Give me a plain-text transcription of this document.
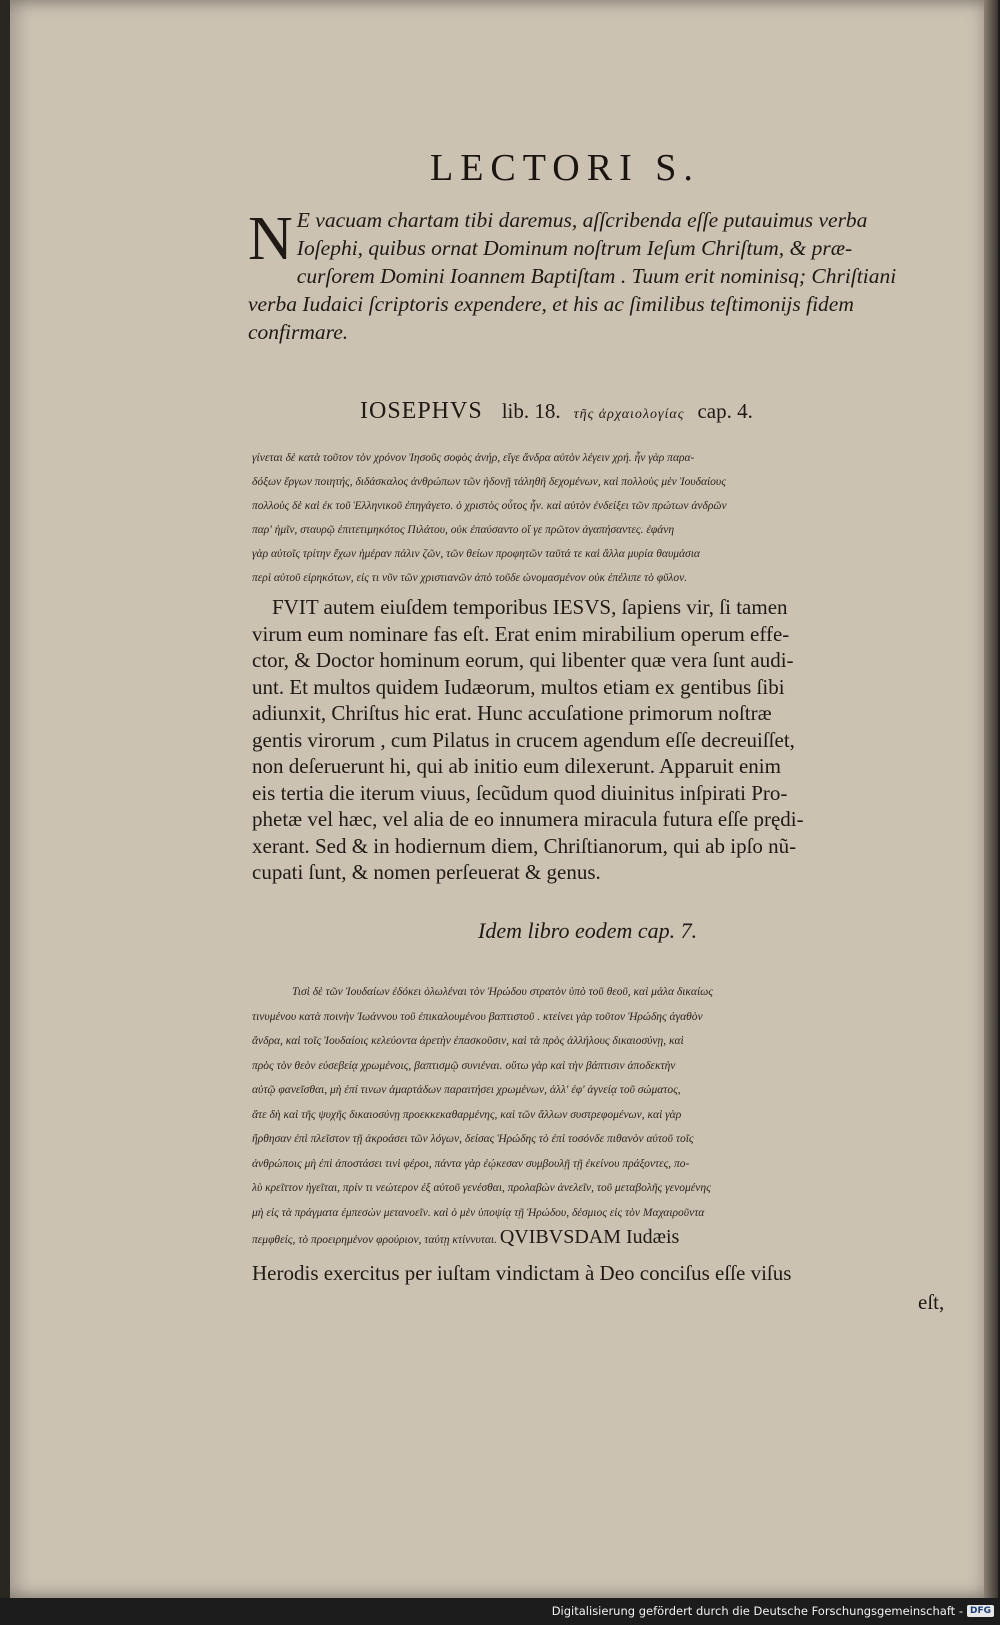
LECTORI S.
N E vacuam chartam tibi daremus, aſſcribenda eſſe putauimus verba
Ioſephi, quibus ornat Dominum noſtrum Ieſum Chriſtum, & præ-
curſorem Domini Ioannem Baptiſtam . Tuum erit nominisq; Chriſtiani
verba Iudaici ſcriptoris expendere, et his ac ſimilibus teſtimonijs fidem
confirmare.
IOSEPHVS lib. 18. τῆς ἀρχαιολογίας cap. 4.
γίνεται δὲ κατὰ τοῦτον τὸν χρόνον Ἰησοῦς σοφὸς ἀνήρ, εἴγε ἄνδρα αὐτὸν λέγειν χρή. ἦν γὰρ παρα-
δόξων ἔργων ποιητής, διδάσκαλος ἀνθρώπων τῶν ἡδονῇ τἀληθῆ δεχομένων, καὶ πολλοὺς μὲν Ἰουδαίους
πολλοὺς δὲ καὶ ἐκ τοῦ Ἑλληνικοῦ ἐπηγάγετο. ὁ χριστὸς οὗτος ἦν. καὶ αὐτὸν ἐνδείξει τῶν πρώτων ἀνδρῶν
παρ' ἡμῖν, σταυρῷ ἐπιτετιμηκότος Πιλάτου, οὐκ ἐπαύσαντο οἵ γε πρῶτον ἀγαπήσαντες. ἐφάνη
γὰρ αὐτοῖς τρίτην ἔχων ἡμέραν πάλιν ζῶν, τῶν θείων προφητῶν ταῦτά τε καὶ ἄλλα μυρία θαυμάσια
περὶ αὐτοῦ εἰρηκότων, εἰς τι νῦν τῶν χριστιανῶν ἀπὸ τοῦδε ὠνομασμένον οὐκ ἐπέλιπε τὸ φῦλον.
FVIT autem eiuſdem temporibus IESVS, ſapiens vir, ſi tamen
virum eum nominare fas eſt. Erat enim mirabilium operum effe-
ctor, & Doctor hominum eorum, qui libenter quæ vera ſunt audi-
unt. Et multos quidem Iudæorum, multos etiam ex gentibus ſibi
adiunxit, Chriſtus hic erat. Hunc accuſatione primorum noſtræ
gentis virorum , cum Pilatus in crucem agendum eſſe decreuiſſet,
non deſeruerunt hi, qui ab initio eum dilexerunt. Apparuit enim
eis tertia die iterum viuus, ſecũdum quod diuinitus inſpirati Pro-
phetæ vel hæc, vel alia de eo innumera miracula futura eſſe prędi-
xerant. Sed & in hodiernum diem, Chriſtianorum, qui ab ipſo nũ-
cupati ſunt, & nomen perſeuerat & genus.
Idem libro eodem cap. 7.
Τισὶ δὲ τῶν Ἰουδαίων ἐδόκει ὀλωλέναι τὸν Ἡρώδου στρατὸν ὑπὸ τοῦ θεοῦ, καὶ μάλα δικαίως
τινυμένου κατὰ ποινὴν Ἰωάννου τοῦ ἐπικαλουμένου βαπτιστοῦ . κτείνει γὰρ τοῦτον Ἡρώδης ἀγαθὸν
ἄνδρα, καὶ τοῖς Ἰουδαίοις κελεύοντα ἀρετὴν ἐπασκοῦσιν, καὶ τὰ πρὸς ἀλλήλους δικαιοσύνῃ, καὶ
πρὸς τὸν θεὸν εὐσεβείᾳ χρωμένοις, βαπτισμῷ συνιέναι. οὕτω γὰρ καὶ τὴν βάπτισιν ἀποδεκτὴν
αὐτῷ φανεῖσθαι, μὴ ἐπί τινων ἁμαρτάδων παραιτήσει χρωμένων, ἀλλ' ἐφ' ἁγνείᾳ τοῦ σώματος,
ἅτε δὴ καὶ τῆς ψυχῆς δικαιοσύνῃ προεκκεκαθαρμένης, καὶ τῶν ἄλλων συστρεφομένων, καὶ γὰρ
ἤρθησαν ἐπὶ πλεῖστον τῇ ἀκροάσει τῶν λόγων, δείσας Ἡρώδης τὸ ἐπὶ τοσόνδε πιθανὸν αὐτοῦ τοῖς
ἀνθρώποις μὴ ἐπὶ ἀποστάσει τινὶ φέροι, πάντα γὰρ ἐῴκεσαν συμβουλῇ τῇ ἐκείνου πράξοντες, πο-
λὺ κρεῖττον ἡγεῖται, πρίν τι νεώτερον ἐξ αὐτοῦ γενέσθαι, προλαβὼν ἀνελεῖν, τοῦ μεταβολῆς γενομένης
μὴ εἰς τὰ πράγματα ἐμπεσὼν μετανοεῖν. καὶ ὁ μὲν ὑποψίᾳ τῇ Ἡρώδου, δέσμιος εἰς τὸν Μαχαιροῦντα
πεμφθείς, τὸ προειρημένον φρούριον, ταύτῃ κτίννυται. QVIBVSDAM Iudæis
Herodis exercitus per iuſtam vindictam à Deo conciſus eſſe viſus
eſt,
Digitalisierung gefördert durch die Deutsche Forschungsgemeinschaft - DFG
